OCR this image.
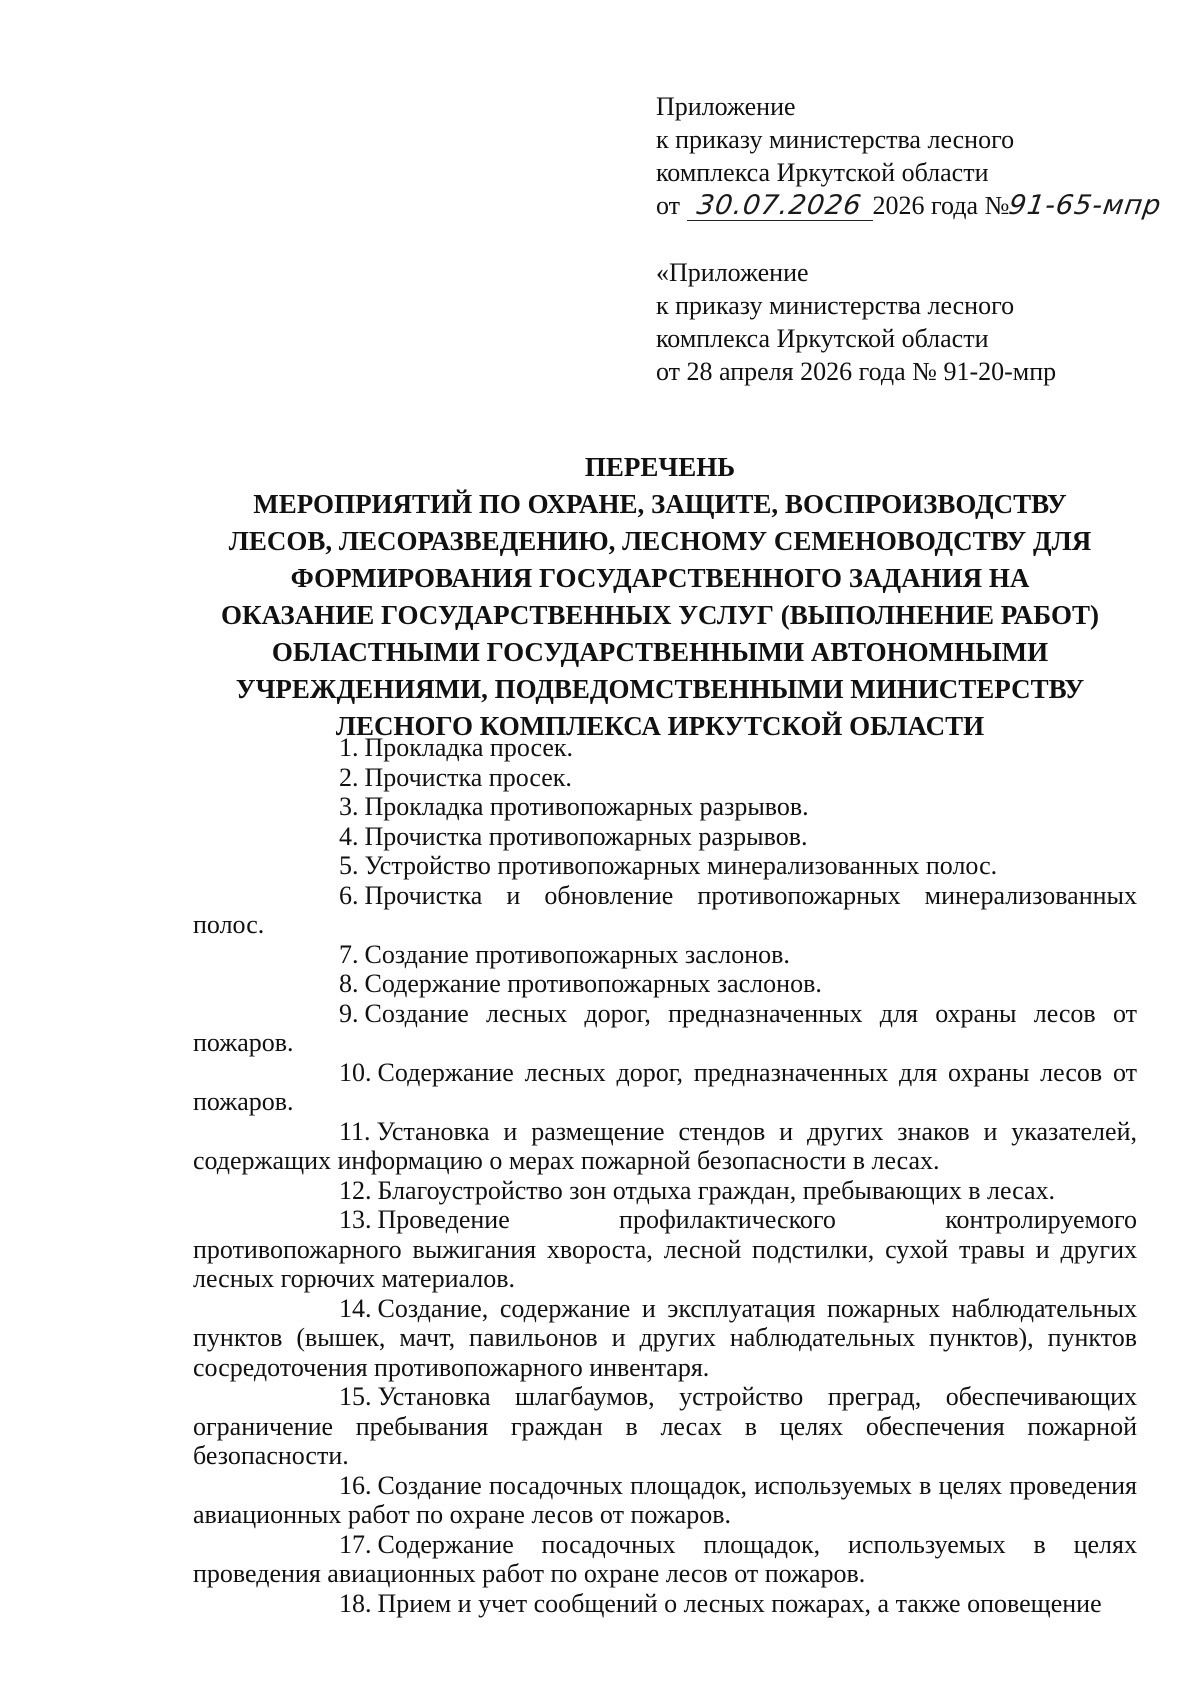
Приложение
к приказу министерства лесного
комплекса Иркутской области
от 30.07.2026 2026 года №91-65-мпр
«Приложение
к приказу министерства лесного
комплекса Иркутской области
от 28 апреля 2026 года № 91-20-мпр
ПЕРЕЧЕНЬ
МЕРОПРИЯТИЙ ПО ОХРАНЕ, ЗАЩИТЕ, ВОСПРОИЗВОДСТВУ
ЛЕСОВ, ЛЕСОРАЗВЕДЕНИЮ, ЛЕСНОМУ СЕМЕНОВОДСТВУ ДЛЯ
ФОРМИРОВАНИЯ ГОСУДАРСТВЕННОГО ЗАДАНИЯ НА
ОКАЗАНИЕ ГОСУДАРСТВЕННЫХ УСЛУГ (ВЫПОЛНЕНИЕ РАБОТ)
ОБЛАСТНЫМИ ГОСУДАРСТВЕННЫМИ АВТОНОМНЫМИ
УЧРЕЖДЕНИЯМИ, ПОДВЕДОМСТВЕННЫМИ МИНИСТЕРСТВУ
ЛЕСНОГО КОМПЛЕКСА ИРКУТСКОЙ ОБЛАСТИ

1. Прокладка просек.

2. Прочистка просек.

3. Прокладка противопожарных разрывов.

4. Прочистка противопожарных разрывов.

5. Устройство противопожарных минерализованных полос.

6. Прочистка и обновление противопожарных минерализованных полос.

7. Создание противопожарных заслонов.

8. Содержание противопожарных заслонов.

9. Создание лесных дорог, предназначенных для охраны лесов от пожаров.

10. Содержание лесных дорог, предназначенных для охраны лесов от пожаров.

11. Установка и размещение стендов и других знаков и указателей, содержащих информацию о мерах пожарной безопасности в лесах.

12. Благоустройство зон отдыха граждан, пребывающих в лесах.

13. Проведение профилактического контролируемого противопожарного выжигания хвороста, лесной подстилки, сухой травы и других лесных горючих материалов.

14. Создание, содержание и эксплуатация пожарных наблюдательных пунктов (вышек, мачт, павильонов и других наблюдательных пунктов), пунктов сосредоточения противопожарного инвентаря.

15. Установка шлагбаумов, устройство преград, обеспечивающих ограничение пребывания граждан в лесах в целях обеспечения пожарной безопасности.

16. Создание посадочных площадок, используемых в целях проведения авиационных работ по охране лесов от пожаров.

17. Содержание посадочных площадок, используемых в целях проведения авиационных работ по охране лесов от пожаров.

18. Прием и учет сообщений о лесных пожарах, а также оповещение
